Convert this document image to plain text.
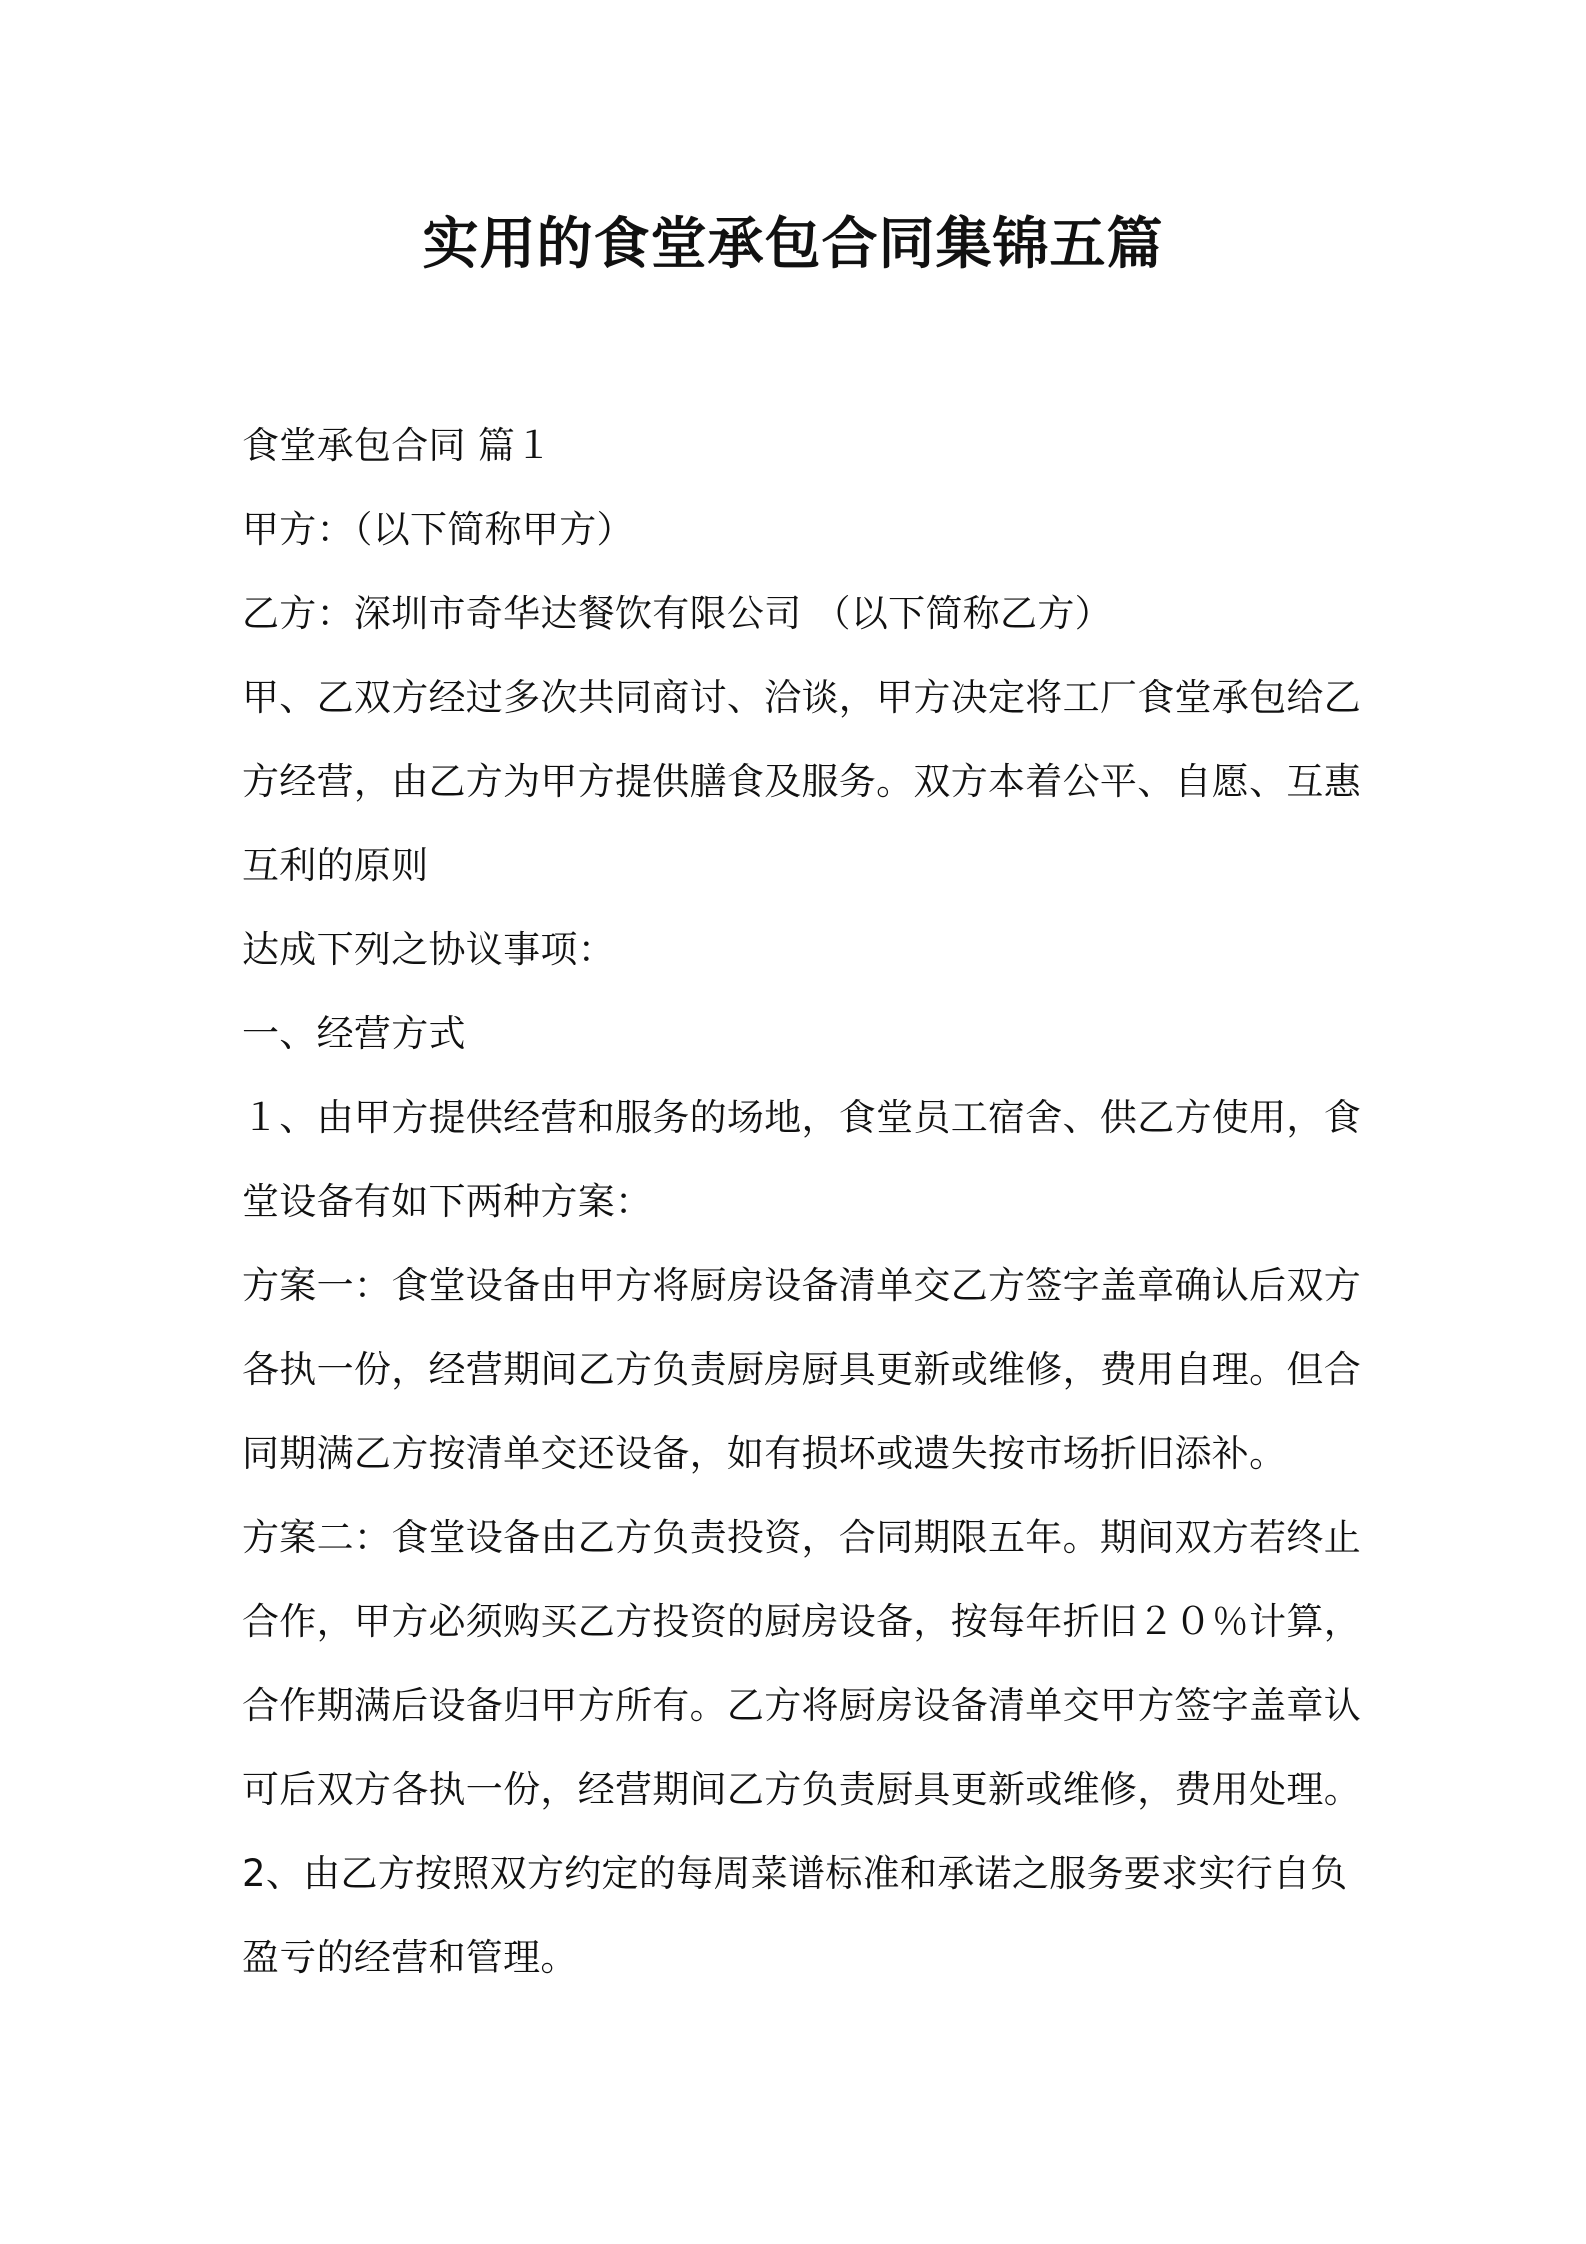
实用的食堂承包合同集锦五篇
食堂承包合同 篇１
甲方：（以下简称甲方）
乙方：深圳市奇华达餐饮有限公司 （以下简称乙方）
甲、乙双方经过多次共同商讨、洽谈，甲方决定将工厂食堂承包给乙
方经营，由乙方为甲方提供膳食及服务。双方本着公平、自愿、互惠
互利的原则
达成下列之协议事项：
一、经营方式
１、由甲方提供经营和服务的场地，食堂员工宿舍、供乙方使用，食
堂设备有如下两种方案：
方案一：食堂设备由甲方将厨房设备清单交乙方签字盖章确认后双方
各执一份，经营期间乙方负责厨房厨具更新或维修，费用自理。但合
同期满乙方按清单交还设备，如有损坏或遗失按市场折旧添补。
方案二：食堂设备由乙方负责投资，合同期限五年。期间双方若终止
合作，甲方必须购买乙方投资的厨房设备，按每年折旧２０％计算，
合作期满后设备归甲方所有。乙方将厨房设备清单交甲方签字盖章认
可后双方各执一份，经营期间乙方负责厨具更新或维修，费用处理。
2、由乙方按照双方约定的每周菜谱标准和承诺之服务要求实行自负
盈亏的经营和管理。
